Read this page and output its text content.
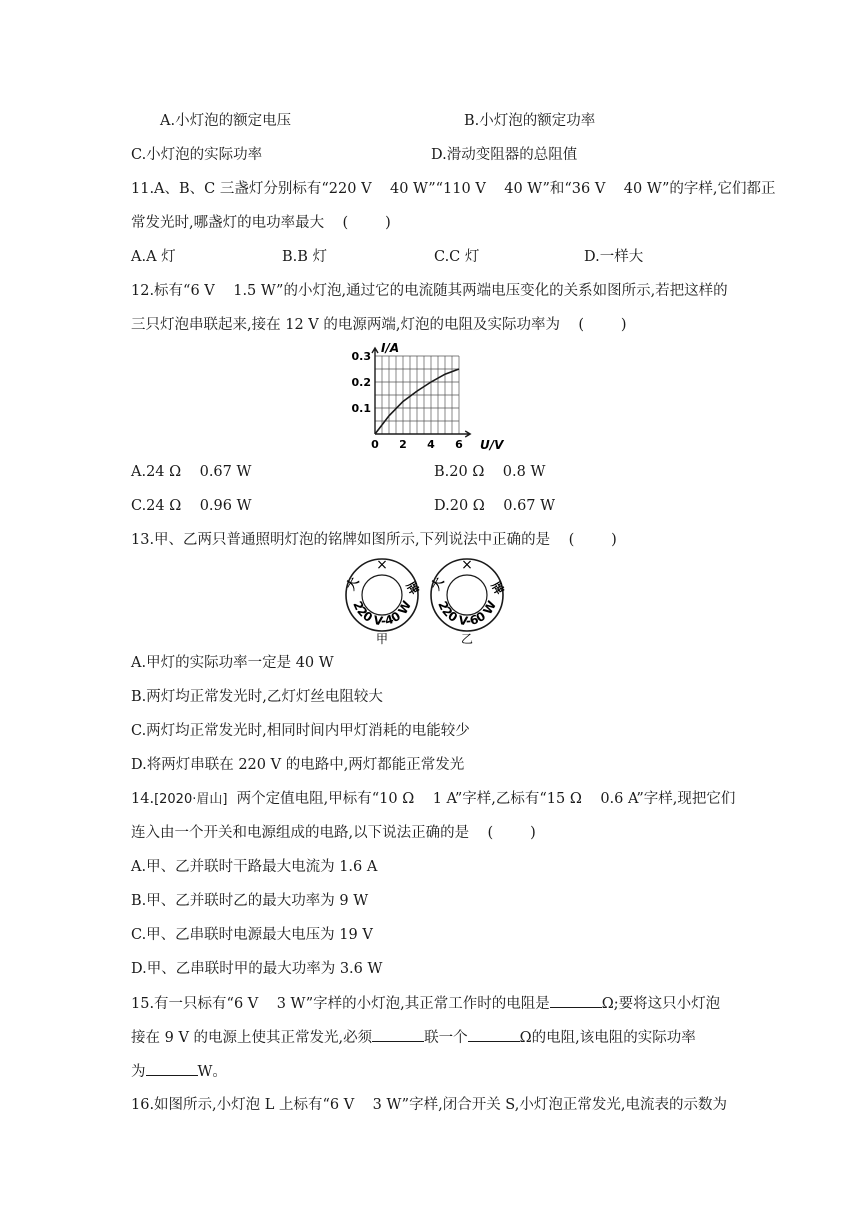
A.小灯泡的额定电压	B.小灯泡的额定功率
C.小灯泡的实际功率	D.滑动变阻器的总阻值
11.A、B、C 三盏灯分别标有“220 V    40 W”“110 V    40 W”和“36 V    40 W”的字样,它们都正
常发光时,哪盏灯的电功率最大    (        )
A.A 灯	B.B 灯	C.C 灯	D.一样大
12.标有“6 V    1.5 W”的小灯泡,通过它的电流随其两端电压变化的关系如图所示,若把这样的
三只灯泡串联起来,接在 12 V 的电源两端,灯泡的电阻及实际功率为    (        )
0 2 4 6
0.1
0.2
0.3
I/A
U/V
A.24 Ω    0.67 W	B.20 Ω    0.8 W
C.24 Ω    0.96 W	D.20 Ω    0.67 W
13.甲、乙两只普通照明灯泡的铭牌如图所示,下列说法中正确的是    (        )
×
大	牌
220 V-40 W
甲
×
大	牌
220 V-60 W
乙
A.甲灯的实际功率一定是 40 W
B.两灯均正常发光时,乙灯灯丝电阻较大
C.两灯均正常发光时,相同时间内甲灯消耗的电能较少
D.将两灯串联在 220 V 的电路中,两灯都能正常发光
14.[2020·眉山]  两个定值电阻,甲标有“10 Ω    1 A”字样,乙标有“15 Ω    0.6 A”字样,现把它们
连入由一个开关和电源组成的电路,以下说法正确的是    (        )
A.甲、乙并联时干路最大电流为 1.6 A
B.甲、乙并联时乙的最大功率为 9 W
C.甲、乙串联时电源最大电压为 19 V
D.甲、乙串联时甲的最大功率为 3.6 W
15.有一只标有“6 V    3 W”字样的小灯泡,其正常工作时的电阻是	Ω;要将这只小灯泡
接在 9 V 的电源上使其正常发光,必须	联一个	Ω的电阻,该电阻的实际功率
为	W。
16.如图所示,小灯泡 L 上标有“6 V    3 W”字样,闭合开关 S,小灯泡正常发光,电流表的示数为
